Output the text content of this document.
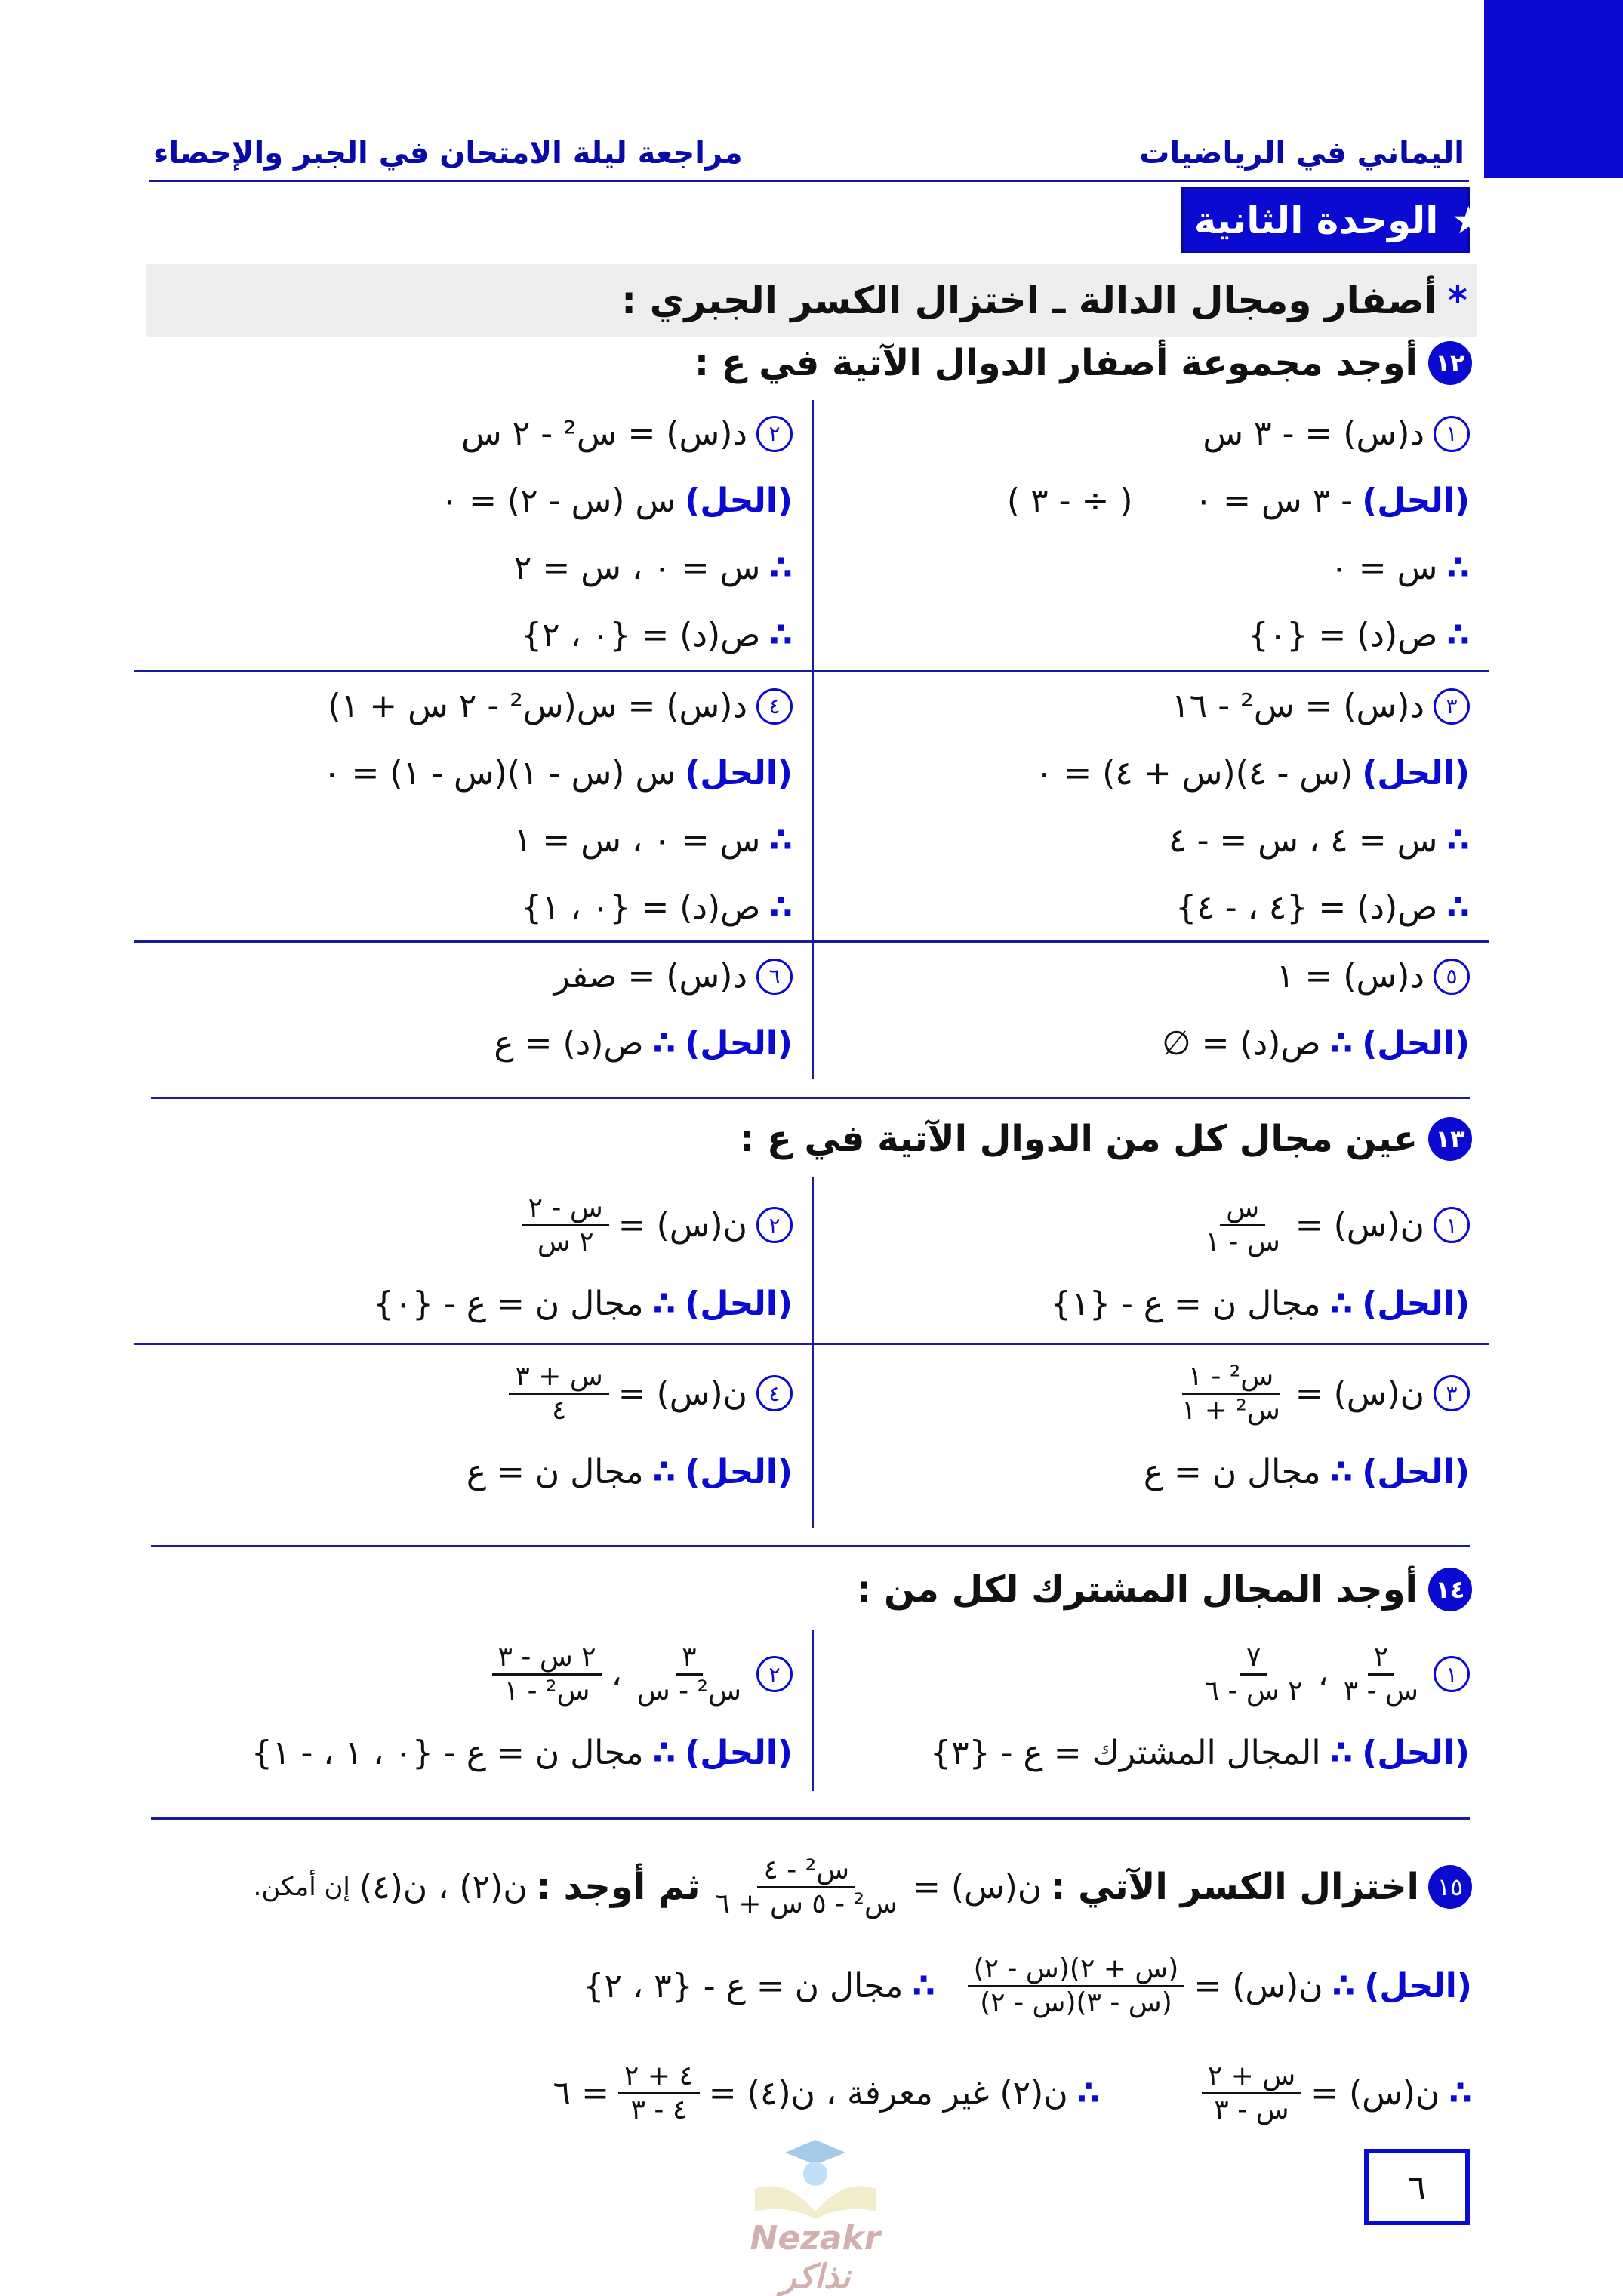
اليماني في الرياضيات
مراجعة ليلة الامتحان في الجبر والإحصاء
★ الوحدة الثانية :
*
أصفار ومجال الدالة ـ اختزال الكسر الجبري :
١٢
أوجد مجموعة أصفار الدوال الآتية في ع :
١
د(س) = - ٣ س
(الحل)
- ٣ س = ٠
( ÷ - ٣ )
∴
س = ٠
∴
ص(د) = {٠}
٢
د(س) = س² - ٢ س
(الحل)
س (س - ٢) = ٠
∴
س = ٠ ، س = ٢
∴
ص(د) = {٠ ، ٢}
٣
د(س) = س² - ١٦
(الحل)
(س - ٤)(س + ٤) = ٠
∴
س = ٤ ، س = - ٤
∴
ص(د) = {٤ ، - ٤}
٤
د(س) = س(س² - ٢ س + ١)
(الحل)
س (س - ١)(س - ١) = ٠
∴
س = ٠ ، س = ١
∴
ص(د) = {٠ ، ١}
٥
د(س) = ١
(الحل)
∴
ص(د) = ∅
٦
د(س) = صفر
(الحل)
∴
ص(د) = ع
١٣
عين مجال كل من الدوال الآتية في ع :
١
ن(س) =
$\frac{\text{س}}{\text{س - ١}}$
(الحل)
∴
مجال ن = ع - {١}
٢
ن(س) =
$\frac{\text{س - ٢}}{\text{٢ س}}$
(الحل)
∴
مجال ن = ع - {٠}
٣
ن(س) =
$\frac{\text{س² - ١}}{\text{س² + ١}}$
(الحل)
∴
مجال ن = ع
٤
ن(س) =
$\frac{\text{س + ٣}}{٤}$
(الحل)
∴
مجال ن = ع
١٤
أوجد المجال المشترك لكل من :
١
$\frac{٢}{\text{س - ٣}}$
،
$\frac{٧}{\text{٢ س - ٦}}$
(الحل)
∴
المجال المشترك = ع - {٣}
٢
$\frac{٣}{\text{س² - س}}$
،
$\frac{\text{٢ س - ٣}}{\text{س² - ١}}$
(الحل)
∴
مجال ن = ع - {٠ ، ١ ، - ١}
١٥
اختزال الكسر الآتي :
ن(س) =
$\frac{\text{س² - ٤}}{\text{س² - ٥ س + ٦}}$
ثم أوجد :
ن(٢) ، ن(٤)
إن أمكن.
(الحل)
∴
ن(س) =
$\frac{\text{(س + ٢)(س - ٢)}}{\text{(س - ٣)(س - ٢)}}$
∴
مجال ن = ع - {٣ ، ٢}
∴
ن(س) =
$\frac{\text{س + ٢}}{\text{س - ٣}}$
∴
ن(٢) غير معرفة ، ن(٤) =
$\frac{٤ + ٢}{٤ - ٣}$
= ٦
Nezakr نذاكر
٦
